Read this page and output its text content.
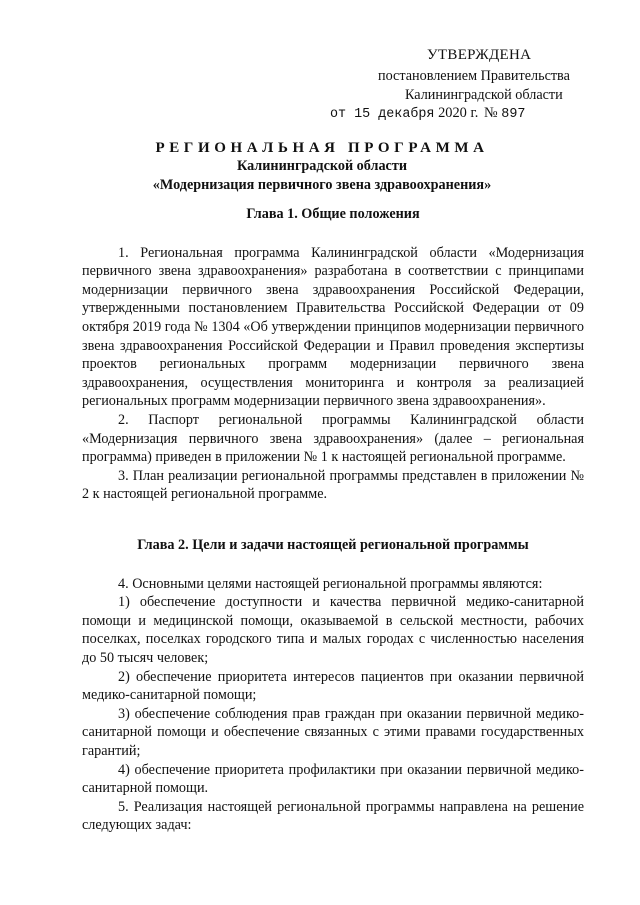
УТВЕРЖДЕНА
постановлением Правительства
Калининградской области
от 15 декабря 2020 г. № 897
РЕГИОНАЛЬНАЯ ПРОГРАММА
Калининградской области
«Модернизация первичного звена здравоохранения»
Глава 1. Общие положения

1. Региональная программа Калининградской области «Модернизация первичного звена здравоохранения» разработана в соответствии с принципами модернизации первичного звена здравоохранения Российской Федерации, утвержденными постановлением Правительства Российской Федерации от 09 октября 2019 года № 1304 «Об утверждении принципов модернизации первичного звена здравоохранения Российской Федерации и Правил проведения экспертизы проектов региональных программ модернизации первичного звена здравоохранения, осуществления мониторинга и контроля за реализацией региональных программ модернизации первичного звена здравоохранения».

2. Паспорт региональной программы Калининградской области «Модернизация первичного звена здравоохранения» (далее – региональная программа) приведен в приложении № 1 к настоящей региональной программе.

3. План реализации региональной программы представлен в приложении № 2 к настоящей региональной программе.

Глава 2. Цели и задачи настоящей региональной программы

4. Основными целями настоящей региональной программы являются:

1) обеспечение доступности и качества первичной медико-санитарной помощи и медицинской помощи, оказываемой в сельской местности, рабочих поселках, поселках городского типа и малых городах с численностью населения до 50 тысяч человек;

2) обеспечение приоритета интересов пациентов при оказании первичной медико-санитарной помощи;

3) обеспечение соблюдения прав граждан при оказании первичной медико-санитарной помощи и обеспечение связанных с этими правами государственных гарантий;

4) обеспечение приоритета профилактики при оказании первичной медико-санитарной помощи.

5. Реализация настоящей региональной программы направлена на решение следующих задач:
